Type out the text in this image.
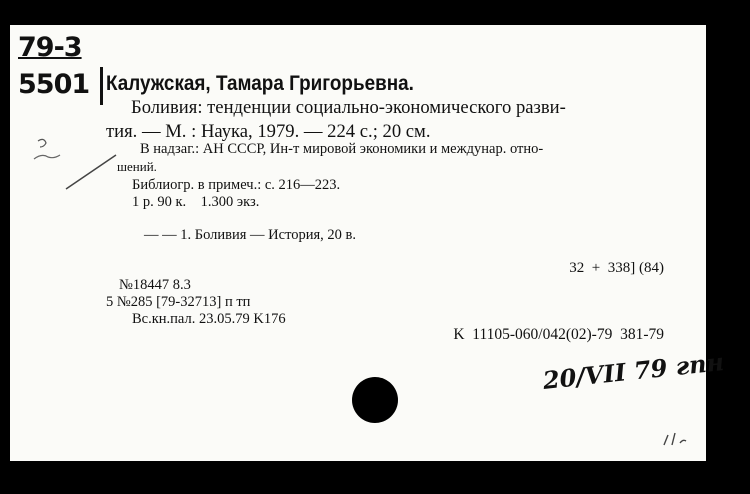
79-3
5501 Калужская, Тамара Григорьевна.
Боливия: тенденции социально-экономического разви-
тия. — М. : Наука, 1979. — 224 с.; 20 см.
В надзаг.: АН СССР, Ин-т мировой экономики и междунар. отно-
шений.
Библиогр. в примеч.: с. 216—223.
1 р. 90 к.    1.300 экз.
— — 1. Боливия — История, 20 в.
32  +  338] (84)
№18447 8.3
5 №285 [79-32713] п тп
Вс.кн.пал. 23.05.79 K176
K  11105-060/042(02)-79  381-79
20/VII 79 гпн
